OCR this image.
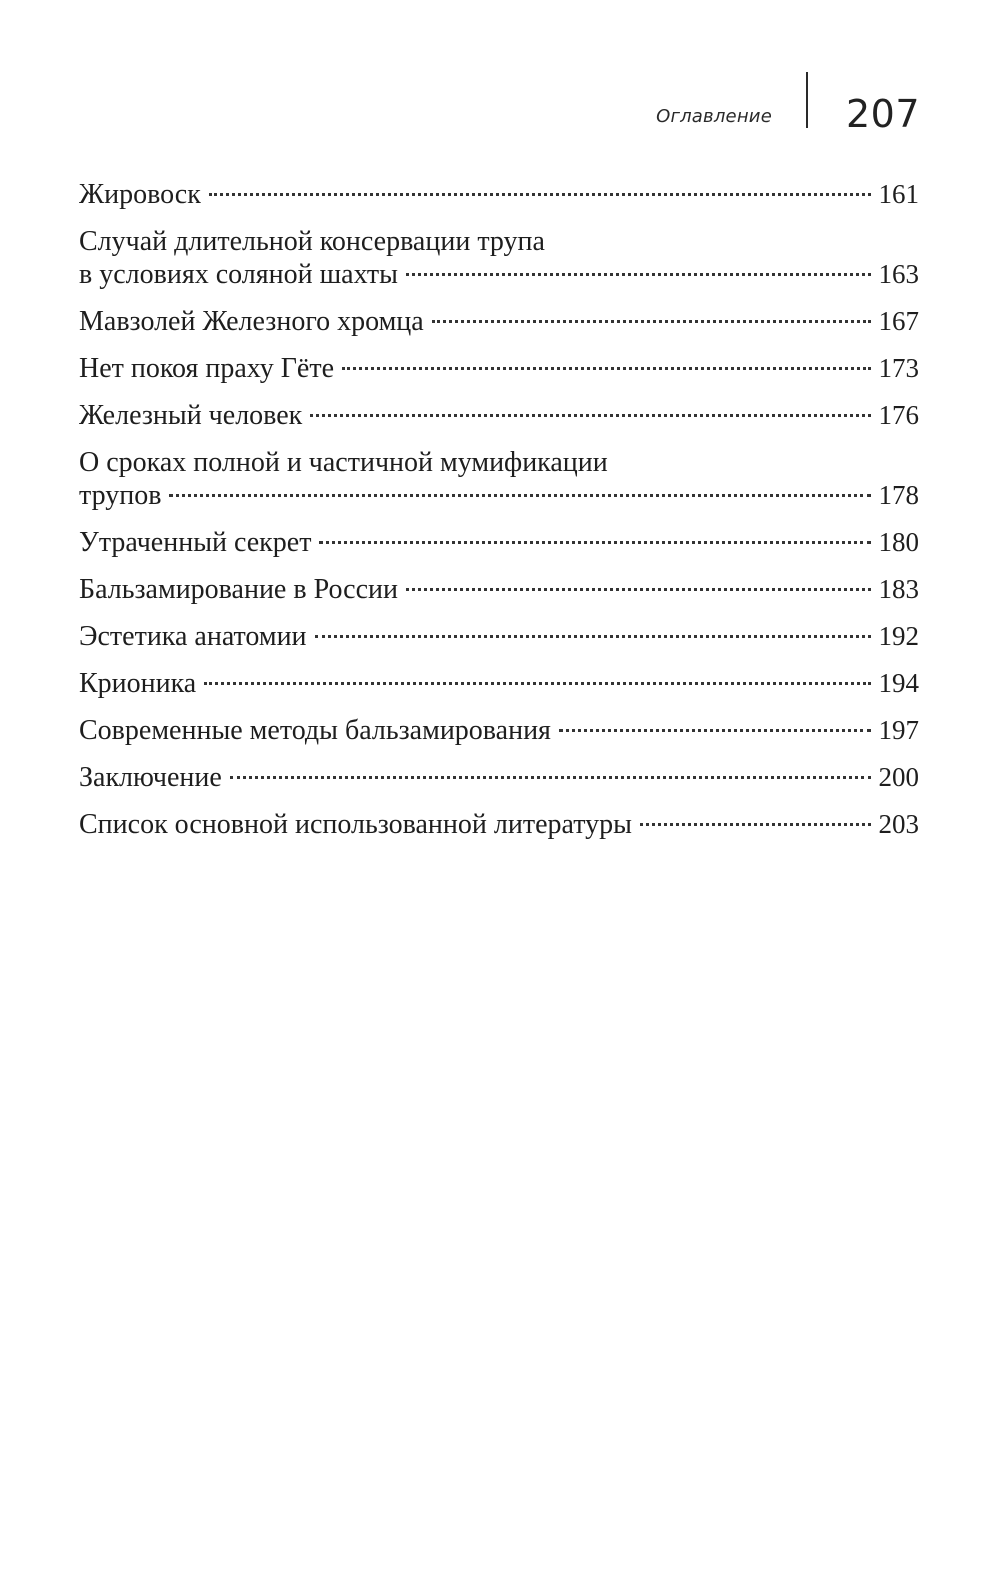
Оглавление 207
Жировоск	161
Случай длительной консервации трупа
в условиях соляной шахты	163
Мавзолей Железного хромца	167
Нет покоя праху Гёте	173
Железный человек	176
О сроках полной и частичной мумификации
трупов	178
Утраченный секрет	180
Бальзамирование в России	183
Эстетика анатомии	192
Крионика	194
Современные методы бальзамирования	197
Заключение	200
Список основной использованной литературы	203
